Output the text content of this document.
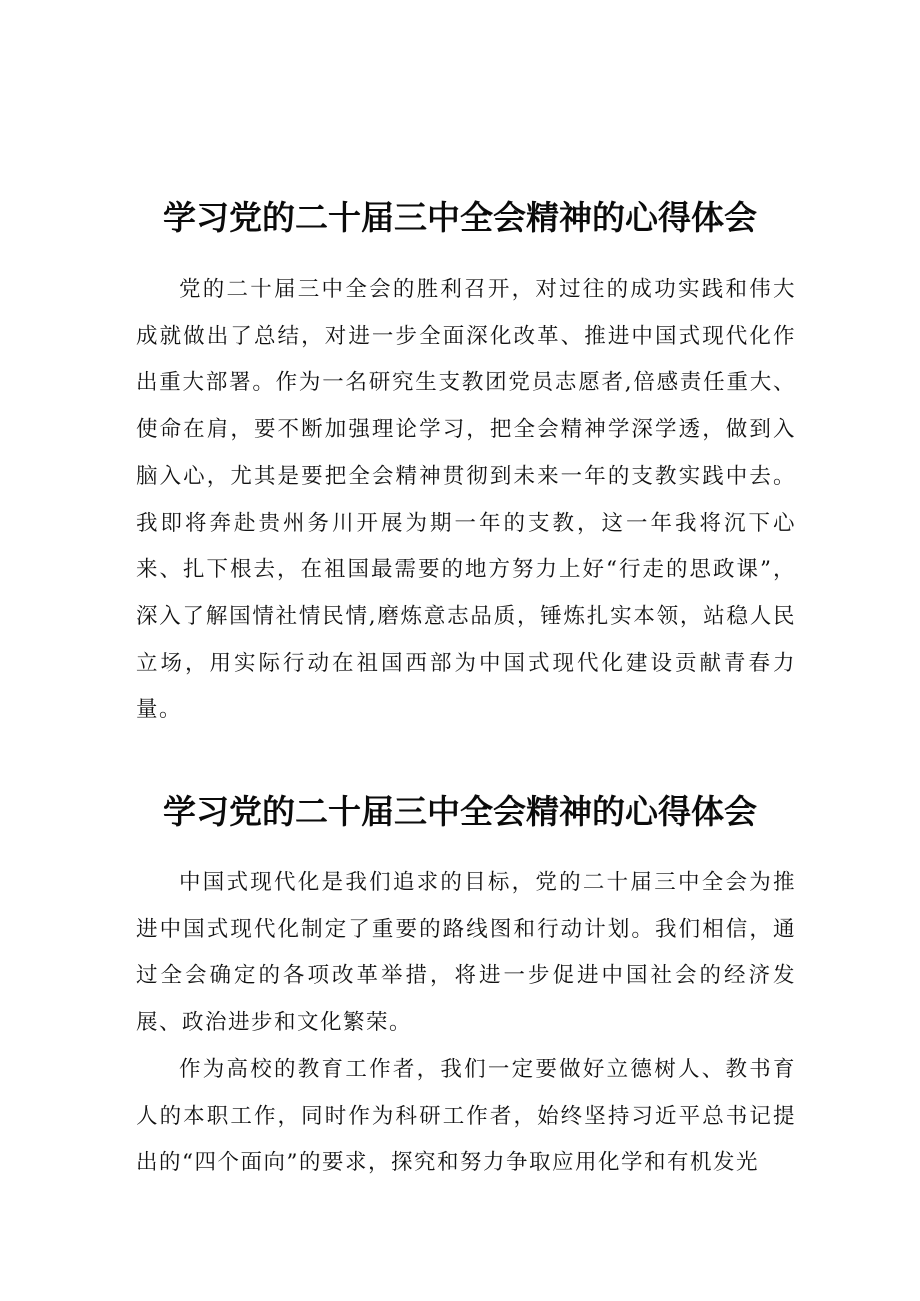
学习党的二十届三中全会精神的心得体会

党的二十届三中全会的胜利召开，对过往的成功实践和伟大成就做出了总结，对进一步全面深化改革、推进中国式现代化作出重大部署。作为一名研究生支教团党员志愿者,倍感责任重大、使命在肩，要不断加强理论学习，把全会精神学深学透，做到入脑入心，尤其是要把全会精神贯彻到未来一年的支教实践中去。我即将奔赴贵州务川开展为期一年的支教，这一年我将沉下心来、扎下根去，在祖国最需要的地方努力上好“行走的思政课”，深入了解国情社情民情,磨炼意志品质，锤炼扎实本领，站稳人民立场，用实际行动在祖国西部为中国式现代化建设贡献青春力量。

学习党的二十届三中全会精神的心得体会

中国式现代化是我们追求的目标，党的二十届三中全会为推进中国式现代化制定了重要的路线图和行动计划。我们相信，通过全会确定的各项改革举措，将进一步促进中国社会的经济发展、政治进步和文化繁荣。

作为高校的教育工作者，我们一定要做好立德树人、教书育人的本职工作，同时作为科研工作者，始终坚持习近平总书记提出的“四个面向”的要求，探究和努力争取应用化学和有机发光
